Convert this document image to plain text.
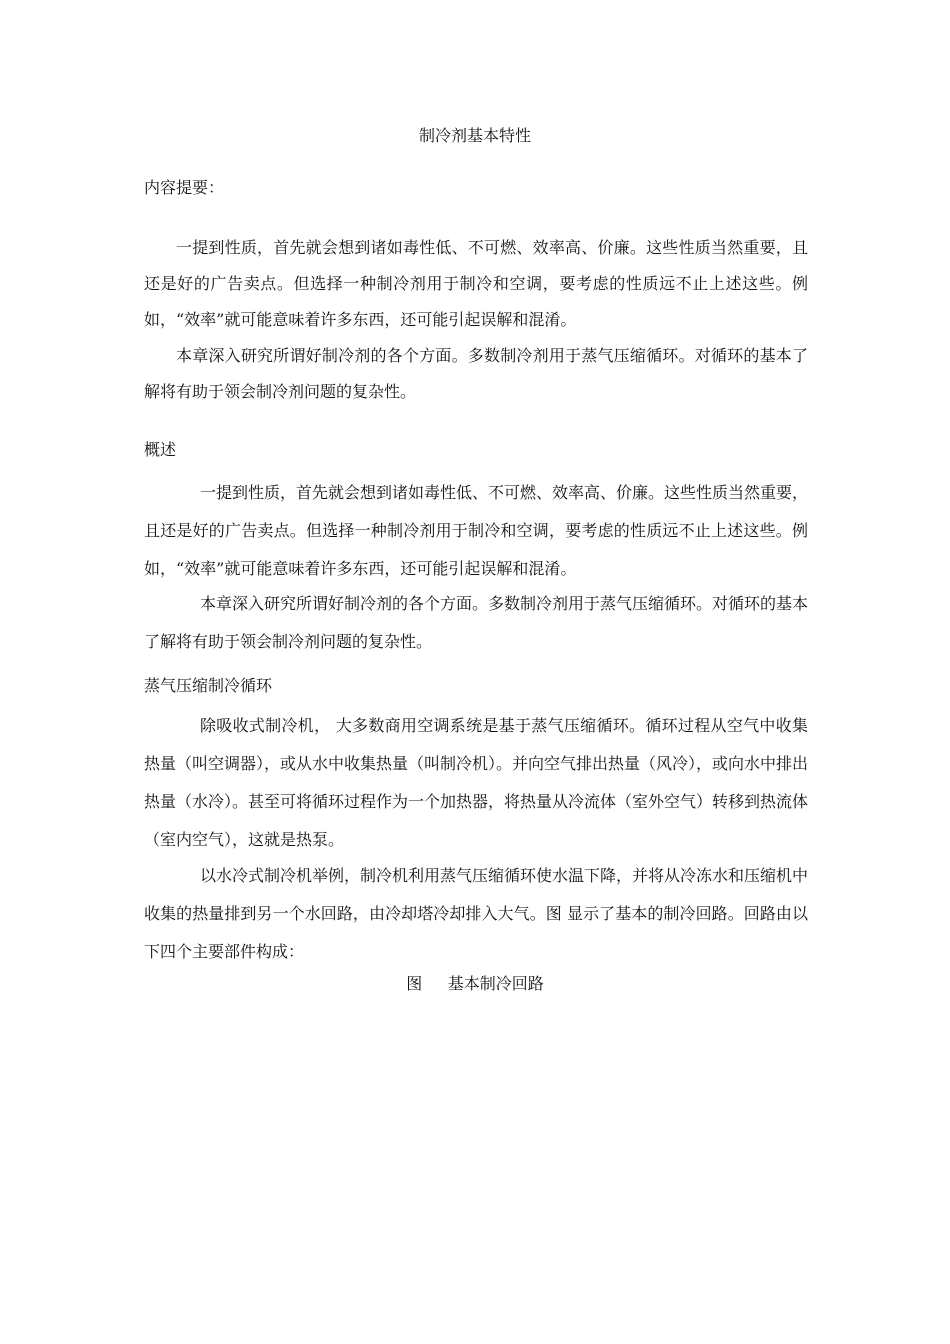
制冷剂基本特性
内容提要：

一提到性质，首先就会想到诸如毒性低、不可燃、效率高、价廉。这些性质当然重要，且还是好的广告卖点。但选择一种制冷剂用于制冷和空调，要考虑的性质远不止上述这些。例如，“效率”就可能意味着许多东西，还可能引起误解和混淆。

本章深入研究所谓好制冷剂的各个方面。多数制冷剂用于蒸气压缩循环。对循环的基本了解将有助于领会制冷剂问题的复杂性。

概述

一提到性质，首先就会想到诸如毒性低、不可燃、效率高、价廉。这些性质当然重要，且还是好的广告卖点。但选择一种制冷剂用于制冷和空调，要考虑的性质远不止上述这些。例如，“效率”就可能意味着许多东西，还可能引起误解和混淆。

本章深入研究所谓好制冷剂的各个方面。多数制冷剂用于蒸气压缩循环。对循环的基本了解将有助于领会制冷剂问题的复杂性。

蒸气压缩制冷循环

除吸收式制冷机， 大多数商用空调系统是基于蒸气压缩循环。循环过程从空气中收集热量（叫空调器），或从水中收集热量（叫制冷机）。并向空气排出热量（风冷），或向水中排出热量（水冷）。甚至可将循环过程作为一个加热器，将热量从冷流体（室外空气）转移到热流体（室内空气），这就是热泵。

以水冷式制冷机举例，制冷机利用蒸气压缩循环使水温下降，并将从冷冻水和压缩机中收集的热量排到另一个水回路，由冷却塔冷却排入大气。图 显示了基本的制冷回路。回路由以下四个主要部件构成：

图     基本制冷回路
